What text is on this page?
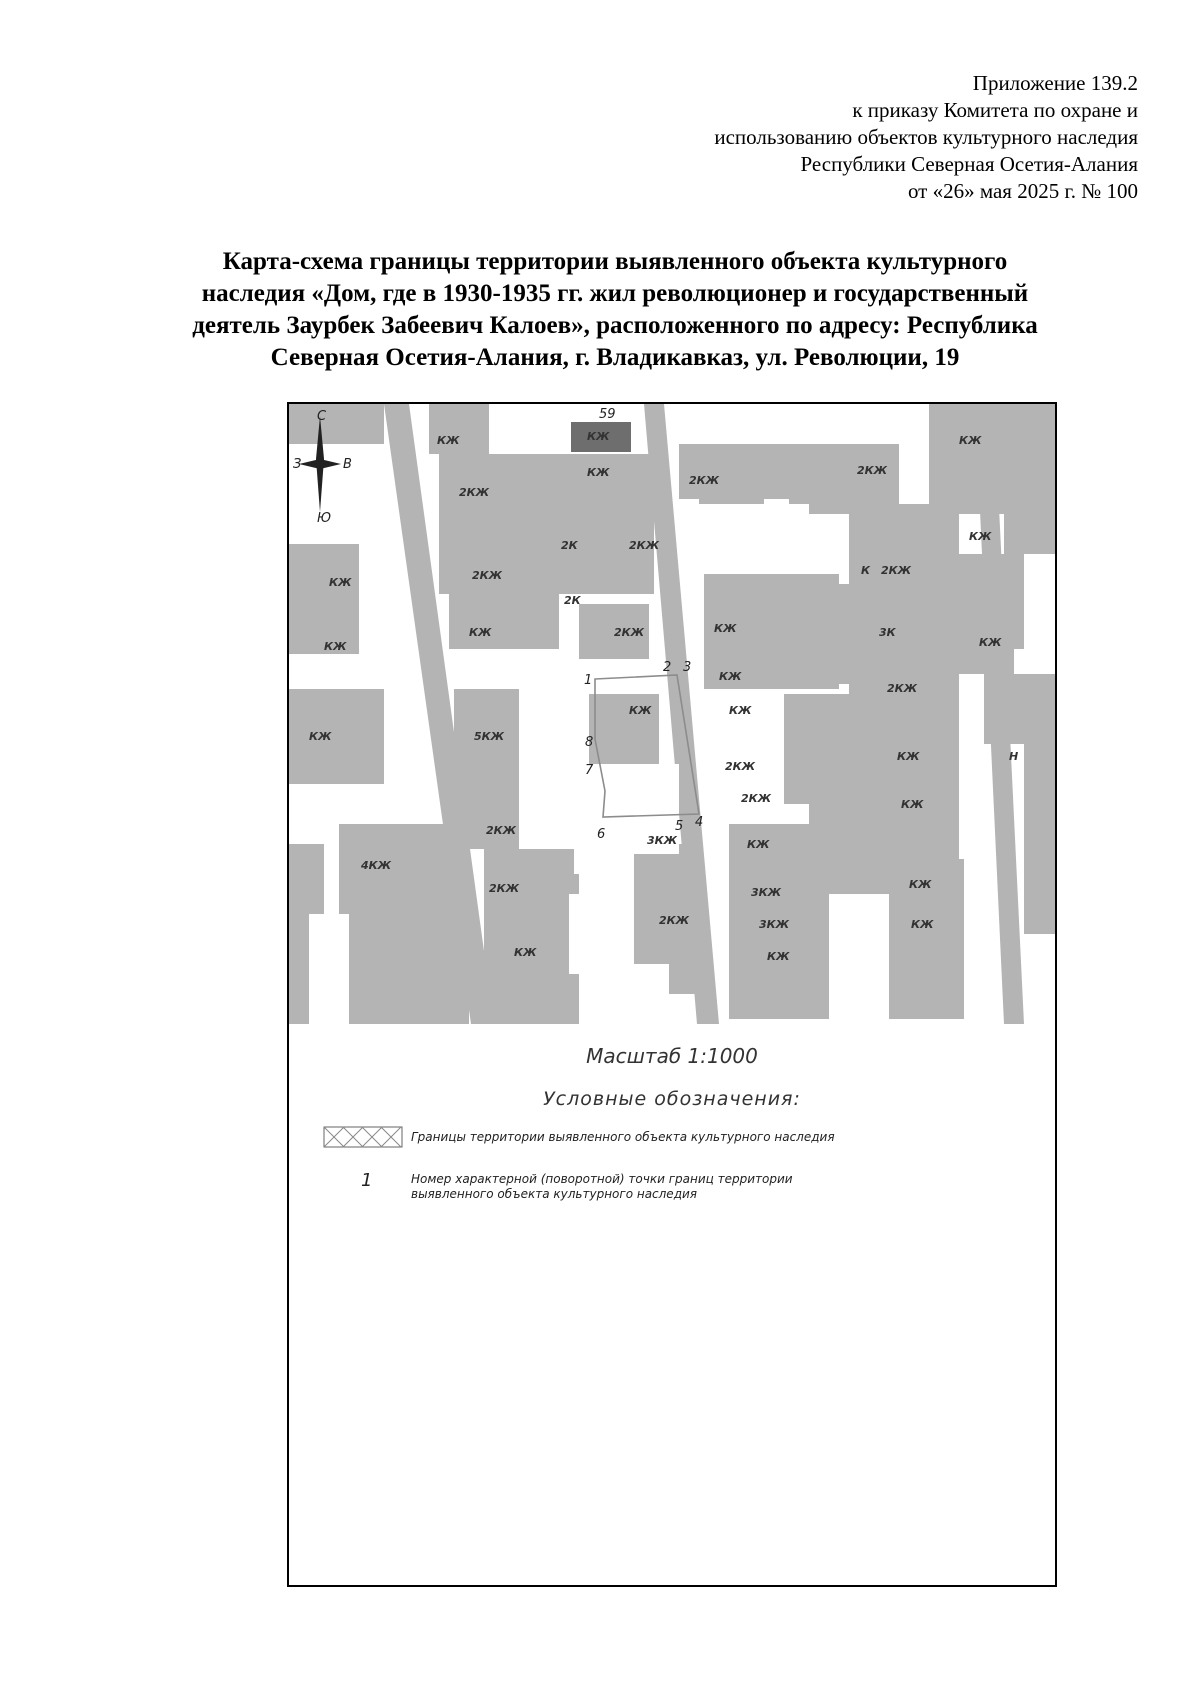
Приложение 139.2
к приказу Комитета по охране и
использованию объектов культурного наследия
Республики Северная Осетия-Алания
от «26» мая 2025 г. № 100
Карта-схема границы территории выявленного объекта культурного
наследия «Дом, где в 1930-1935 гг. жил революционер и государственный
деятель Заурбек Забеевич Калоев», расположенного по адресу: Республика
Северная Осетия-Алания, г. Владикавказ, ул. Революции, 19
С
З	В
Ю
КЖ	КЖ
КЖ
2КЖ
2К	2КЖ
2КЖ
2К
КЖ	2КЖ
КЖ
КЖ
КЖ	5КЖ
КЖ
2КЖ
2КЖ
КЖ
4КЖ
3КЖ
2КЖ
2КЖ
2КЖ
КЖ
КЖ
К 2КЖ
КЖ	3К
КЖ
КЖ
КЖ
2КЖ
2КЖ
КЖ
2КЖ	КЖ
Н
КЖ
3КЖ
КЖ
3КЖ	КЖ
КЖ
59
1
2 3
4
5
6
7
8
Масштаб 1:1000
Условные обозначения:
Границы территории выявленного объекта культурного наследия
1	Номер характерной (поворотной) точки границ территории
выявленного объекта культурного наследия
